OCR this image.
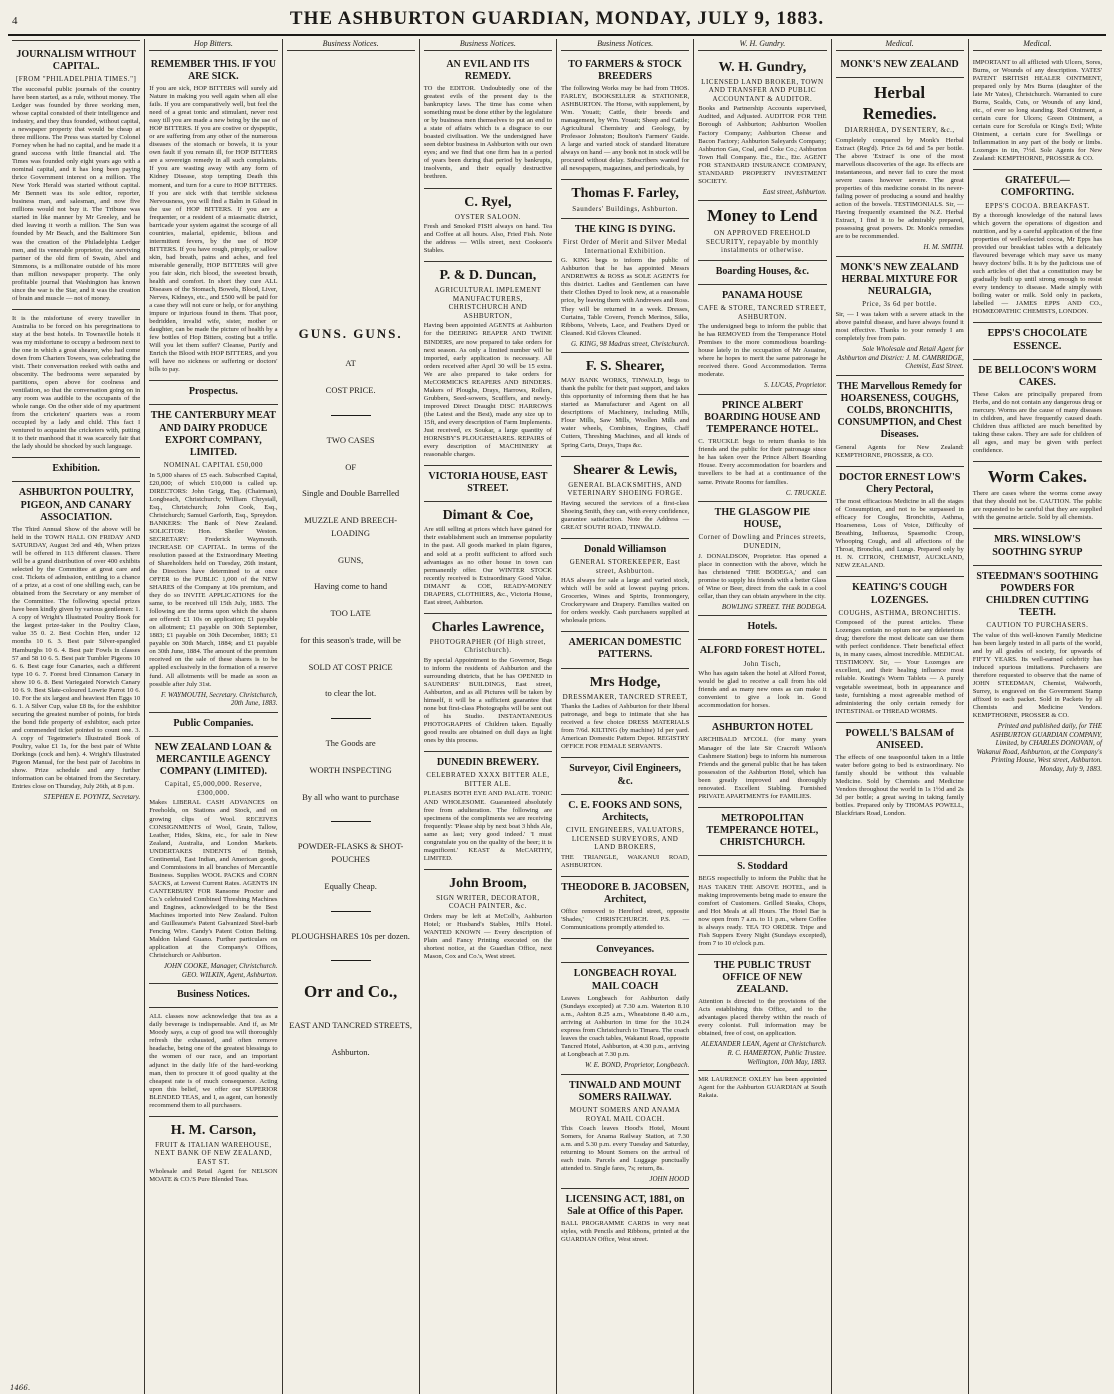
4	THE ASHBURTON GUARDIAN, MONDAY, JULY 9, 1883.
JOURNALISM WITHOUT CAPITAL.
[FROM "PHILADELPHIA TIMES."]
The successful public journals of the country have been started, as a rule, without money. The Ledger was founded by three working men, whose capital consisted of their intelligence and industry, and they thus founded, without capital, a newspaper property that would be cheap at three millions. The Press was started by Colonel Forney when he had no capital, and he made it a grand success with little financial aid. The Times was founded only eight years ago with a nominal capital, and it has long been paying thrice Government interest on a million. The New York Herald was started without capital. Mr Bennett was its sole editor, reporter, business man, and salesman, and now five millions would not buy it. The Tribune was started in like manner by Mr Greeley, and he died leaving it worth a million. The Sun was founded by Mr Beach, and the Baltimore Sun was the creation of the Philadelphia Ledger men, and its venerable proprietor, the surviving partner of the old firm of Swain, Abel and Simmons, is a millionaire outside of his more than million newspaper property. The only profitable journal that Washington has known since the war is the Star, and it was the creation of brain and muscle — not of money.
It is the misfortune of every traveller in Australia to be forced on his peregrinations to stay at the best hotels. In Townsville hotels it was my misfortune to occupy a bedroom next to the one in which a great shearer, who had come down from Charters Towers, was celebrating the visit. Their conversation reeked with oaths and obscenity. The bedrooms were separated by partitions, open above for coolness and ventilation, so that the conversation going on in any room was audible to the occupants of the whole range. On the other side of my apartment from the cricketers' quarters was a room occupied by a lady and child. This fact I ventured to acquaint the cricketers with, putting it to their manhood that it was scarcely fair that the lady should be shocked by such language.
Exhibition.
ASHBURTON POULTRY, PIGEON, AND CANARY ASSOCIATION.
The Third Annual Show of the above will be held in the TOWN HALL ON FRIDAY AND SATURDAY, August 3rd and 4th, When prizes will be offered in 113 different classes. There will be a grand distribution of over 400 exhibits selected by the Committee at great care and cost. Tickets of admission, entitling to a chance of a prize, at a cost of one shilling each, can be obtained from the Secretary or any member of the Committee. The following special prizes have been kindly given by various gentlemen: 1. A copy of Wright's Illustrated Poultry Book for the largest prize-taker in the Poultry Class, value 35 0. 2. Best Cochin Hen, under 12 months 10 6. 3. Best pair Silver-spangled Hamburghs 10 6. 4. Best pair Fowls in classes 57 and 58 10 6. 5. Best pair Tumbler Pigeons 10 6. 6. Best cage four Canaries, each a different type 10 6. 7. Forest bred Cinnamon Canary in show 10 6. 8. Best Variegated Norwich Canary 10 6. 9. Best Slate-coloured Lowrie Parrot 10 6. 10. For the six largest and heaviest Hen Eggs 10 6. 1. A Silver Cup, value £8 8s, for the exhibitor securing the greatest number of points, for birds the bond fide property of exhibitor, each prize and commended ticket pointed to count one. 3. A copy of Tegetmeier's Illustrated Book of Poultry, value £1 1s, for the best pair of White Dorkings (cock and hen). 4. Wright's Illustrated Pigeon Manual, for the best pair of Jacobins in show. Prize schedule and any further information can be obtained from the Secretary. Entries close on Thursday, July 26th, at 8 p.m.
STEPHEN E. POYNTZ, Secretary.
Hop Bitters.
REMEMBER THIS. IF YOU ARE SICK.
If you are sick, HOP BITTERS will surely aid Nature in making you well again when all else fails. If you are comparatively well, but feel the need of a great tonic and stimulant, never rest easy till you are made a new being by the use of HOP BITTERS. If you are costive or dyspeptic, or are suffering from any other of the numerous diseases of the stomach or bowels, it is your own fault if you remain ill, for HOP BITTERS are a sovereign remedy in all such complaints. If you are wasting away with any form of Kidney Disease, stop tempting Death this moment, and turn for a cure to HOP BITTERS. If you are sick with that terrible sickness Nervousness, you will find a Balm in Gilead in the use of HOP BITTERS. If you are a frequenter, or a resident of a miasmatic district, barricade your system against the scourge of all countries, malarial, epidemic, bilious and intermittent fevers, by the use of HOP BITTERS. If you have rough, pimply, or sallow skin, bad breath, pains and aches, and feel miserable generally, HOP BITTERS will give you fair skin, rich blood, the sweetest breath, health and comfort. In short they cure ALL Diseases of the Stomach, Bowels, Blood, Liver, Nerves, Kidneys, etc., and £500 will be paid for a case they will not cure or help, or for anything impure or injurious found in them. That poor, bedridden, invalid wife, sister, mother or daughter, can be made the picture of health by a few bottles of Hop Bitters, costing but a trifle. Will you let them suffer? Cleanse, Purify and Enrich the Blood with HOP BITTERS, and you will have no sickness or suffering or doctors' bills to pay.
Prospectus.
THE CANTERBURY MEAT AND DAIRY PRODUCE EXPORT COMPANY, LIMITED.
NOMINAL CAPITAL £50,000
In 5,000 shares of £5 each. Subscribed Capital, £20,000; of which £10,000 is called up. DIRECTORS: John Grigg, Esq. (Chairman), Longbeach, Christchurch; William Chrystall, Esq., Christchurch; John Cook, Esq., Christchurch; Samuel Garforth, Esq., Spreydon. BANKERS: The Bank of New Zealand. SOLICITOR: Hon. Sheiler Weston. SECRETARY: Frederick Waymouth. INCREASE OF CAPITAL. In terms of the resolution passed at the Extraordinary Meeting of Shareholders held on Tuesday, 26th instant, the Directors have determined to at once OFFER to the PUBLIC 1,000 of the NEW SHARES of the Company at 10s premium, and they do so INVITE APPLICATIONS for the same, to be received till 15th July, 1883. The following are the terms upon which the shares are offered: £1 10s on application; £1 payable on allotment; £1 payable on 30th September, 1883; £1 payable on 30th December, 1883; £1 payable on 30th March, 1884; and £1 payable on 30th June, 1884. The amount of the premium received on the sale of these shares is to be applied exclusively in the formation of a reserve fund. All allotments will be made as soon as possible after July 31st.
F. WAYMOUTH, Secretary. Christchurch, 20th June, 1883.
Public Companies.
NEW ZEALAND LOAN & MERCANTILE AGENCY COMPANY (LIMITED).
Capital, £5,000,000. Reserve, £300,000.
Makes LIBERAL CASH ADVANCES on Freeholds, on Stations and Stock, and on growing clips of Wool. RECEIVES CONSIGNMENTS of Wool, Grain, Tallow, Leather, Hides, Skins, etc., for sale in New Zealand, Australia, and London Markets. UNDERTAKES INDENTS of British, Continental, East Indian, and American goods, and Commissions in all branches of Mercantile Business. Supplies WOOL PACKS and CORN SACKS, at Lowest Current Rates. AGENTS IN CANTERBURY FOR Ransome Proctor and Co.'s celebrated Combined Threshing Machines and Engines, acknowledged to be the Best Machines imported into New Zealand. Fulton and Guilleaume's Patent Galvanized Steel-barb Fencing Wire. Candy's Patent Cotton Belting. Maldon Island Guano. Further particulars on application at the Company's Offices, Christchurch or Ashburton.
JOHN COOKE, Manager, Christchurch. GEO. WILKIN, Agent, Ashburton.
Business Notices.
ALL classes now acknowledge that tea as a daily beverage is indispensable. And if, as Mr Moody says, a cup of good tea will thoroughly refresh the exhausted, and often remove headache, being one of the greatest blessings to the women of our race, and an important adjunct in the daily life of the hard-working man, then to procure it of good quality at the cheapest rate is of much consequence. Acting upon this belief, we offer our SUPERIOR BLENDED TEAS, and I, as agent, can honestly recommend them to all purchasers.
H. M. Carson,
FRUIT & ITALIAN WAREHOUSE, NEXT BANK OF NEW ZEALAND, EAST ST.
Wholesale and Retail Agent for NELSON MOATE & CO.'S Pure Blended Teas.
Business Notices.
GUNS. GUNS.
AT
COST PRICE.
TWO CASES
OF
Single and Double Barrelled
MUZZLE AND BREECH-LOADING
GUNS,
Having come to hand
TOO LATE
for this season's trade, will be
SOLD AT COST PRICE
to clear the lot.
The Goods are
WORTH INSPECTING
By all who want to purchase
POWDER-FLASKS & SHOT-POUCHES
Equally Cheap.
PLOUGHSHARES 10s per dozen.
Orr and Co.,
EAST AND TANCRED STREETS,
Ashburton.
Business Notices.
AN EVIL AND ITS REMEDY.
TO the EDITOR. Undoubtedly one of the greatest evils of the present day is the bankruptcy laws. The time has come when something must be done either by the legislature or by business men themselves to put an end to a state of affairs which is a disgrace to our boasted civilisation. We the undersigned have seen debtor business in Ashburton with our own eyes; and we find that one firm has in a period of years been during that period by bankrupts, insolvents, and their equally destructive brethren.
C. Ryel,
OYSTER SALOON.
Fresh and Smoked FISH always on hand. Tea and Coffee at all hours. Also, Fried Fish. Note the address — Wills street, next Cookson's Stables.
P. & D. Duncan,
AGRICULTURAL IMPLEMENT MANUFACTURERS, CHRISTCHURCH AND ASHBURTON,
Having been appointed AGENTS at Ashburton for the DEERING REAPER AND TWINE BINDERS, are now prepared to take orders for next season. As only a limited number will be imported, early application is necessary. All orders received after April 30 will be 15 extra. We are also prepared to take orders for McCORMICK'S REAPERS AND BINDERS. Makers of Ploughs, Drays, Harrows, Rollers, Grubbers, Seed-sowers, Scufflers, and newly-improved Direct Draught DISC HARROWS (the Latest and the Best), made any size up to 15ft, and every description of Farm Implements. Just received, ex Soukar, a large quantity of HORNSBY'S PLOUGHSHARES. REPAIRS of every description of MACHINERY at reasonable charges.
VICTORIA HOUSE, EAST STREET.
Dimant & Coe,
Are still selling at prices which have gained for their establishment such an immense popularity in the past. All goods marked in plain figures, and sold at a profit sufficient to afford such advantages as no other house in town can permanently offer. Our WINTER STOCK recently received is Extraordinary Good Value. DIMANT & COE, READY-MONEY DRAPERS, CLOTHIERS, &c., Victoria House, East street, Ashburton.
Charles Lawrence,
PHOTOGRAPHER (Of High street, Christchurch).
By special Appointment to the Governor, Begs to inform the residents of Ashburton and the surrounding districts, that he has OPENED in SAUNDERS' BUILDINGS, East street, Ashburton, and as all Pictures will be taken by himself, it will be a sufficient guarantee that none but first-class Photographs will be sent out of his Studio. INSTANTANEOUS PHOTOGRAPHS of Children taken. Equally good results are obtained on dull days as light ones by this process.
DUNEDIN BREWERY.
CELEBRATED XXXX BITTER ALE, BITTER ALE.
PLEASES BOTH EYE AND PALATE. TONIC AND WHOLESOME. Guaranteed absolutely free from adulteration. The following are specimens of the compliments we are receiving frequently: 'Please ship by next boat 3 hhds Ale, same as last; very good indeed.' 'I must congratulate you on the quality of the beer; it is magnificent.' KEAST & McCARTHY, LIMITED.
John Broom,
SIGN WRITER, DECORATOR, COACH PAINTER, &c.
Orders may be left at McColl's, Ashburton Hotel; or Husband's Stables, Hill's Hotel. WANTED KNOWN — Every description of Plain and Fancy Printing executed on the shortest notice, at the Guardian Office, next Mason, Cox and Co.'s, West street.
Business Notices.
TO FARMERS & STOCK BREEDERS
The following Works may be had from THOS. FARLEY, BOOKSELLER & STATIONER, ASHBURTON. The Horse, with supplement, by Wm. Youatt; Cattle, their breeds and management, by Wm. Youatt; Sheep and Cattle; Agricultural Chemistry and Geology, by Professor Johnston; Boulton's Farmers' Guide. A large and varied stock of standard literature always on hand — any book not in stock will be procured without delay. Subscribers wanted for all newspapers, magazines, and periodicals, by
Thomas F. Farley,
Saunders' Buildings, Ashburton.
THE KING IS DYING.
First Order of Merit and Silver Medal International Exhibition.
G. KING begs to inform the public of Ashburton that he has appointed Messrs ANDREWES & ROSS as SOLE AGENTS for this district. Ladies and Gentlemen can have their Clothes Dyed to look new, at a reasonable price, by leaving them with Andrewes and Ross. They will be returned in a week. Dresses, Curtains, Table Covers, French Merinos, Silks, Ribbons, Velvets, Lace, and Feathers Dyed or Cleaned. Kid Gloves Cleaned.
G. KING, 98 Madras street, Christchurch.
F. S. Shearer,
MAY BANK WORKS, TINWALD, begs to thank the public for their past support, and takes this opportunity of informing them that he has started as Manufacturer and Agent on all descriptions of Machinery, including Mills, Flour Mills, Saw Mills, Woollen Mills and water wheels, Combines, Engines, Chaff Cutters, Threshing Machines, and all kinds of Spring Carts, Drays, Traps &c.
Shearer & Lewis,
GENERAL BLACKSMITHS, AND VETERINARY SHOEING FORGE.
Having secured the services of a first-class Shoeing Smith, they can, with every confidence, guarantee satisfaction. Note the Address — GREAT SOUTH ROAD, TINWALD.
Donald Williamson
GENERAL STOREKEEPER, East street, Ashburton.
HAS always for sale a large and varied stock, which will be sold at lowest paying prices. Groceries, Wines and Spirits, Ironmongery, Crockeryware and Drapery. Families waited on for orders weekly. Cash purchasers supplied at wholesale prices.
AMERICAN DOMESTIC PATTERNS.
Mrs Hodge,
DRESSMAKER, TANCRED STREET,
Thanks the Ladies of Ashburton for their liberal patronage, and begs to intimate that she has received a few choice DRESS MATERIALS from 7/6d. KILTING (by machine) 1d per yard. American Domestic Pattern Depot. REGISTRY OFFICE FOR FEMALE SERVANTS.
Surveyor, Civil Engineers, &c.
C. E. FOOKS AND SONS, Architects,
CIVIL ENGINEERS, VALUATORS, LICENSED SURVEYORS, AND LAND BROKERS,
THE TRIANGLE, WAKANUI ROAD, ASHBURTON.
THEODORE B. JACOBSEN, Architect,
Office removed to Hereford street, opposite 'Shades,' CHRISTCHURCH. P.S. — Communications promptly attended to.
Conveyances.
LONGBEACH ROYAL MAIL COACH
Leaves Longbeach for Ashburton daily (Sundays excepted) at 7.30 a.m. Waterton 8.10 a.m., Ashton 8.25 a.m., Wheatstone 8.40 a.m., arriving at Ashburton in time for the 10.24 express from Christchurch to Timaru. The coach leaves the coach tables, Wakanui Road, opposite Tancred Hotel, Ashburton, at 4.30 p.m., arriving at Longbeach at 7.30 p.m.
W. E. BOND, Proprietor, Longbeach.
TINWALD AND MOUNT SOMERS RAILWAY.
MOUNT SOMERS AND ANAMA ROYAL MAIL COACH.
This Coach leaves Hood's Hotel, Mount Somers, for Anama Railway Station, at 7.30 a.m. and 5.30 p.m. every Tuesday and Saturday, returning to Mount Somers on the arrival of each train. Parcels and Luggage punctually attended to. Single fares, 7s; return, 8s.
JOHN HOOD
LICENSING ACT, 1881, on Sale at Office of this Paper.
BALL PROGRAMME CARDS in very neat styles, with Pencils and Ribbons, printed at the GUARDIAN Office, West street.
W. H. Gundry.
W. H. Gundry,
LICENSED LAND BROKER, TOWN AND TRANSFER AND PUBLIC ACCOUNTANT & AUDITOR.
Books and Partnership Accounts supervised, Audited, and Adjusted. AUDITOR FOR THE Borough of Ashburton; Ashburton Woollen Factory Company; Ashburton Cheese and Bacon Factory; Ashburton Saleyards Company; Ashburton Gas, Coal, and Coke Co.; Ashburton Town Hall Company. Etc., Etc., Etc. AGENT FOR STANDARD INSURANCE COMPANY, STANDARD PROPERTY INVESTMENT SOCIETY.
East street, Ashburton.
Money to Lend
ON APPROVED FREEHOLD SECURITY, repayable by monthly instalments or otherwise.
Boarding Houses, &c.
PANAMA HOUSE
CAFE & STORE, TANCRED STREET, ASHBURTON.
The undersigned begs to inform the public that he has REMOVED from the Temperance Hotel Premises to the more commodious boarding-house lately in the occupation of Mr Asuaine, where he hopes to merit the same patronage he received there. Good Accommodation. Terms moderate.
S. LUCAS, Proprietor.
PRINCE ALBERT BOARDING HOUSE AND TEMPERANCE HOTEL.
C. TRUCKLE begs to return thanks to his friends and the public for their patronage since he has taken over the Prince Albert Boarding House. Every accommodation for boarders and travellers to be had at a continuance of the same. Private Rooms for families.
C. TRUCKLE.
THE GLASGOW PIE HOUSE,
Corner of Dowling and Princes streets, DUNEDIN,
J. DONALDSON, Proprietor. Has opened a place in connection with the above, which he has christened 'THE BODEGA,' and can promise to supply his friends with a better Glass of Wine or Beer, direct from the cask in a cool cellar, than they can obtain anywhere in the city.
BOWLING STREET. THE BODEGA.
Hotels.
ALFORD FOREST HOTEL.
John Tisch,
Who has again taken the hotel at Alford Forest, would be glad to receive a call from his old friends and as many new ones as can make it convenient to give a look in. Good accommodation for horses.
ASHBURTON HOTEL
ARCHIBALD M'COLL (for many years Manager of the late Sir Cracroft Wilson's Cashmere Station) begs to inform his numerous Friends and the general public that he has taken possession of the Ashburton Hotel, which has been greatly improved and thoroughly renovated. Excellent Stabling. Furnished PRIVATE APARTMENTS for FAMILIES.
METROPOLITAN TEMPERANCE HOTEL, CHRISTCHURCH.
S. Stoddard
BEGS respectfully to inform the Public that he HAS TAKEN THE ABOVE HOTEL, and is making improvements being made to ensure the comfort of Customers. Grilled Steaks, Chops, and Hot Meals at all Hours. The Hotel Bar is now open from 7 a.m. to 11 p.m., where Coffee is always ready. TEA TO ORDER. Tripe and Fish Suppers Every Night (Sundays excepted), from 7 to 10 o'clock p.m.
THE PUBLIC TRUST OFFICE OF NEW ZEALAND.
Attention is directed to the provisions of the Acts establishing this Office, and to the advantages placed thereby within the reach of every colonist. Full information may be obtained, free of cost, on application.
ALEXANDER LEAN, Agent at Christchurch. R. C. HAMERTON, Public Trustee. Wellington, 10th May, 1883.
MR LAURENCE OXLEY has been appointed Agent for the Ashburton GUARDIAN at South Rakaia.
Medical.
MONK'S NEW ZEALAND
Herbal Remedies.
DIARRHŒA, DYSENTERY, &c.,
Completely conquered by Monk's Herbal Extract (Reg'd). Price 2s 6d and 5s per bottle. The above 'Extract' is one of the most marvellous discoveries of the age. Its effects are instantaneous, and never fail to cure the most severe cases however severe. The great properties of this medicine consist in its never-failing power of producing a sound and healthy action of the bowels. TESTIMONIALS. Sir, — Having frequently examined the N.Z. Herbal Extract, I find it to be admirably prepared, possessing great powers. Dr. Monk's remedies are to be recommended.
H. M. SMITH.
MONK'S NEW ZEALAND HERBAL MIXTURE FOR NEURALGIA,
Price, 3s 6d per bottle.
Sir, — I was taken with a severe attack in the above painful disease, and have always found it most effective. Thanks to your remedy I am completely free from pain.
Sole Wholesale and Retail Agent for Ashburton and District: J. M. CAMBRIDGE, Chemist, East Street.
THE Marvellous Remedy for HOARSENESS, COUGHS, COLDS, BRONCHITIS, CONSUMPTION, and Chest Diseases.
General Agents for New Zealand: KEMPTHORNE, PROSSER, & CO.
DOCTOR ERNEST LOW'S Chery Pectoral,
The most efficacious Medicine in all the stages of Consumption, and not to be surpassed in efficacy for Coughs, Bronchitis, Asthma, Hoarseness, Loss of Voice, Difficulty of Breathing, Influenza, Spasmodic Croup, Whooping Cough, and all affections of the Throat, Bronchia, and Lungs. Prepared only by H. N. CITRON, CHEMIST, AUCKLAND, NEW ZEALAND.
KEATING'S COUGH LOZENGES.
COUGHS, ASTHMA, BRONCHITIS.
Composed of the purest articles. These Lozenges contain no opium nor any deleterious drug; therefore the most delicate can use them with perfect confidence. Their beneficial effect is, in many cases, almost incredible. MEDICAL TESTIMONY. Sir, — Your Lozenges are excellent, and their healing influence most reliable. Keating's Worm Tablets — A purely vegetable sweetmeat, both in appearance and taste, furnishing a most agreeable method of administering the only certain remedy for INTESTINAL or THREAD WORMS.
POWELL'S BALSAM of ANISEED.
The effects of one teaspoonful taken in a little water before going to bed is extraordinary. No family should be without this valuable Medicine. Sold by Chemists and Medicine Vendors throughout the world in 1s 1½d and 2s 3d per bottle; a great saving in taking family bottles. Prepared only by THOMAS POWELL, Blackfriars Road, London.
Medical.
IMPORTANT to all afflicted with Ulcers, Sores, Burns, or Wounds of any description. YATES' PATENT BRITISH HEALER OINTMENT, prepared only by Mrs Burns (daughter of the late Mr Yates), Christchurch. Warranted to cure Burns, Scalds, Cuts, or Wounds of any kind, etc., of ever so long standing. Red Ointment, a certain cure for Ulcers; Green Ointment, a certain cure for Scrofula or King's Evil; White Ointment, a certain cure for Swellings or Inflammation in any part of the body or limbs. Lozenges in tin, 7½d. Sole Agents for New Zealand: KEMPTHORNE, PROSSER & CO.
GRATEFUL—COMFORTING.
EPPS'S COCOA. BREAKFAST.
By a thorough knowledge of the natural laws which govern the operations of digestion and nutrition, and by a careful application of the fine properties of well-selected cocoa, Mr Epps has provided our breakfast tables with a delicately flavoured beverage which may save us many heavy doctors' bills. It is by the judicious use of such articles of diet that a constitution may be gradually built up until strong enough to resist every tendency to disease. Made simply with boiling water or milk. Sold only in packets, labelled — JAMES EPPS AND CO., HOMŒOPATHIC CHEMISTS, LONDON.
EPPS'S CHOCOLATE ESSENCE.
DE BELLOCON'S WORM CAKES.
These Cakes are principally prepared from Herbs, and do not contain any dangerous drug or mercury. Worms are the cause of many diseases in children, and have frequently caused death. Children thus afflicted are much benefited by taking these cakes. They are safe for children of all ages, and may be given with perfect confidence.
Worm Cakes.
There are cases where the worms come away that they should not be. CAUTION. The public are requested to be careful that they are supplied with the genuine article. Sold by all chemists.
MRS. WINSLOW'S SOOTHING SYRUP
STEEDMAN'S SOOTHING POWDERS FOR CHILDREN CUTTING TEETH.
CAUTION TO PURCHASERS.
The value of this well-known Family Medicine has been largely tested in all parts of the world, and by all grades of society, for upwards of FIFTY YEARS. Its well-earned celebrity has induced spurious imitations. Purchasers are therefore requested to observe that the name of JOHN STEEDMAN, Chemist, Walworth, Surrey, is engraved on the Government Stamp affixed to each packet. Sold in Packets by all Chemists and Medicine Vendors. KEMPTHORNE, PROSSER & CO.
Printed and published daily, for THE ASHBURTON GUARDIAN COMPANY, Limited, by CHARLES DONOVAN, of Wakanui Road, Ashburton, at the Company's Printing House, West street, Ashburton. Monday, July 9, 1883.
1466.
